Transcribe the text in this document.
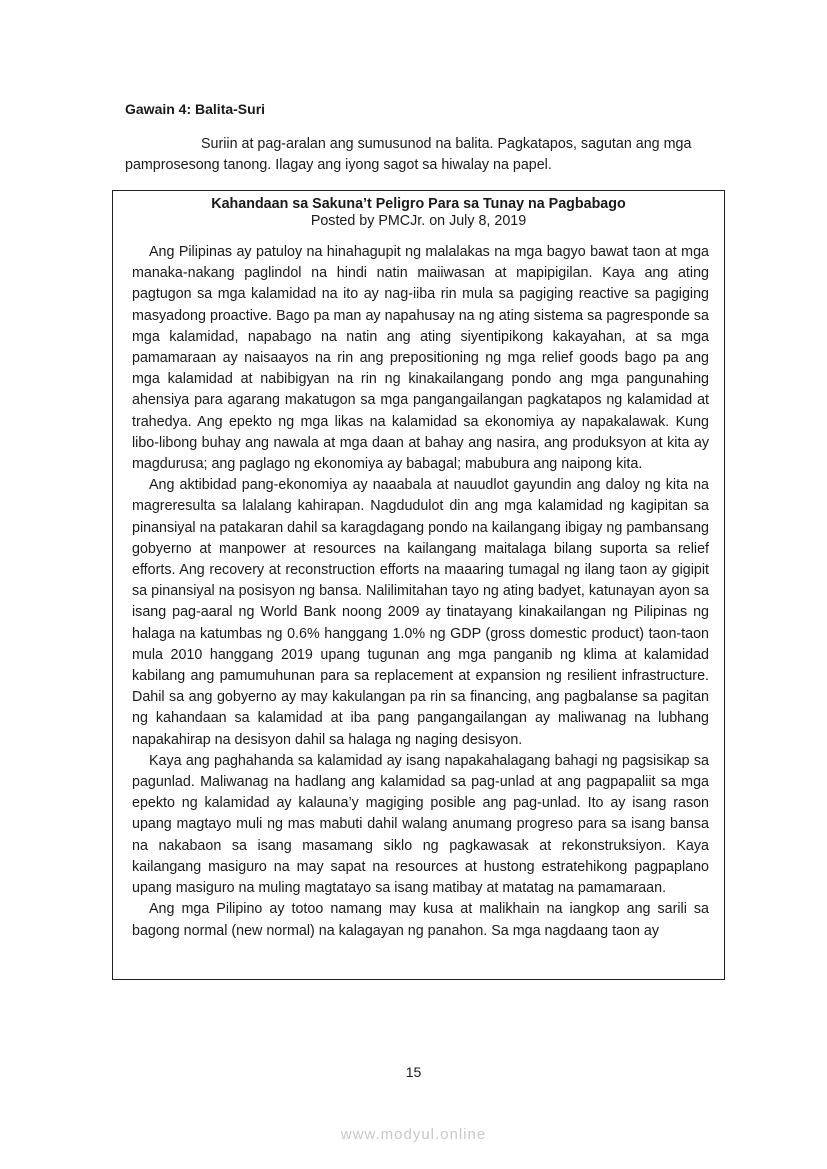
Gawain 4: Balita-Suri

Suriin at pag-aralan ang sumusunod na balita. Pagkatapos, sagutan ang mga pamprosesong tanong. Ilagay ang iyong sagot sa hiwalay na papel.

Kahandaan sa Sakuna’t Peligro Para sa Tunay na Pagbabago

Posted by PMCJr. on July 8, 2019

Ang Pilipinas ay patuloy na hinahagupit ng malalakas na mga bagyo bawat taon at mga manaka-nakang paglindol na hindi natin maiiwasan at mapipigilan. Kaya ang ating pagtugon sa mga kalamidad na ito ay nag-iiba rin mula sa pagiging reactive sa pagiging masyadong proactive. Bago pa man ay napahusay na ng ating sistema sa pagresponde sa mga kalamidad, napabago na natin ang ating siyentipikong kakayahan, at sa mga pamamaraan ay naisaayos na rin ang prepositioning ng mga relief goods bago pa ang mga kalamidad at nabibigyan na rin ng kinakailangang pondo ang mga pangunahing ahensiya para agarang makatugon sa mga pangangailangan pagkatapos ng kalamidad at trahedya. Ang epekto ng mga likas na kalamidad sa ekonomiya ay napakalawak. Kung libo-libong buhay ang nawala at mga daan at bahay ang nasira, ang produksyon at kita ay magdurusa; ang paglago ng ekonomiya ay babagal; mabubura ang naipong kita.

Ang aktibidad pang-ekonomiya ay naaabala at nauudlot gayundin ang daloy ng kita na magreresulta sa lalalang kahirapan. Nagdudulot din ang mga kalamidad ng kagipitan sa pinansiyal na patakaran dahil sa karagdagang pondo na kailangang ibigay ng pambansang gobyerno at manpower at resources na kailangang maitalaga bilang suporta sa relief efforts. Ang recovery at reconstruction efforts na maaaring tumagal ng ilang taon ay gigipit sa pinansiyal na posisyon ng bansa. Nalilimitahan tayo ng ating badyet, katunayan ayon sa isang pag-aaral ng World Bank noong 2009 ay tinatayang kinakailangan ng Pilipinas ng halaga na katumbas ng 0.6% hanggang 1.0% ng GDP (gross domestic product) taon-taon mula 2010 hanggang 2019 upang tugunan ang mga panganib ng klima at kalamidad kabilang ang pamumuhunan para sa replacement at expansion ng resilient infrastructure. Dahil sa ang gobyerno ay may kakulangan pa rin sa financing, ang pagbalanse sa pagitan ng kahandaan sa kalamidad at iba pang pangangailangan ay maliwanag na lubhang napakahirap na desisyon dahil sa halaga ng naging desisyon.

Kaya ang paghahanda sa kalamidad ay isang napakahalagang bahagi ng pagsisikap sa pagunlad. Maliwanag na hadlang ang kalamidad sa pag-unlad at ang pagpapaliit sa mga epekto ng kalamidad ay kalauna’y magiging posible ang pag-unlad. Ito ay isang rason upang magtayo muli ng mas mabuti dahil walang anumang progreso para sa isang bansa na nakabaon sa isang masamang siklo ng pagkawasak at rekonstruksiyon. Kaya kailangang masiguro na may sapat na resources at hustong estratehikong pagpaplano upang masiguro na muling magtatayo sa isang matibay at matatag na pamamaraan.

Ang mga Pilipino ay totoo namang may kusa at malikhain na iangkop ang sarili sa bagong normal (new normal) na kalagayan ng panahon. Sa mga nagdaang taon ay

15

www.modyul.online
